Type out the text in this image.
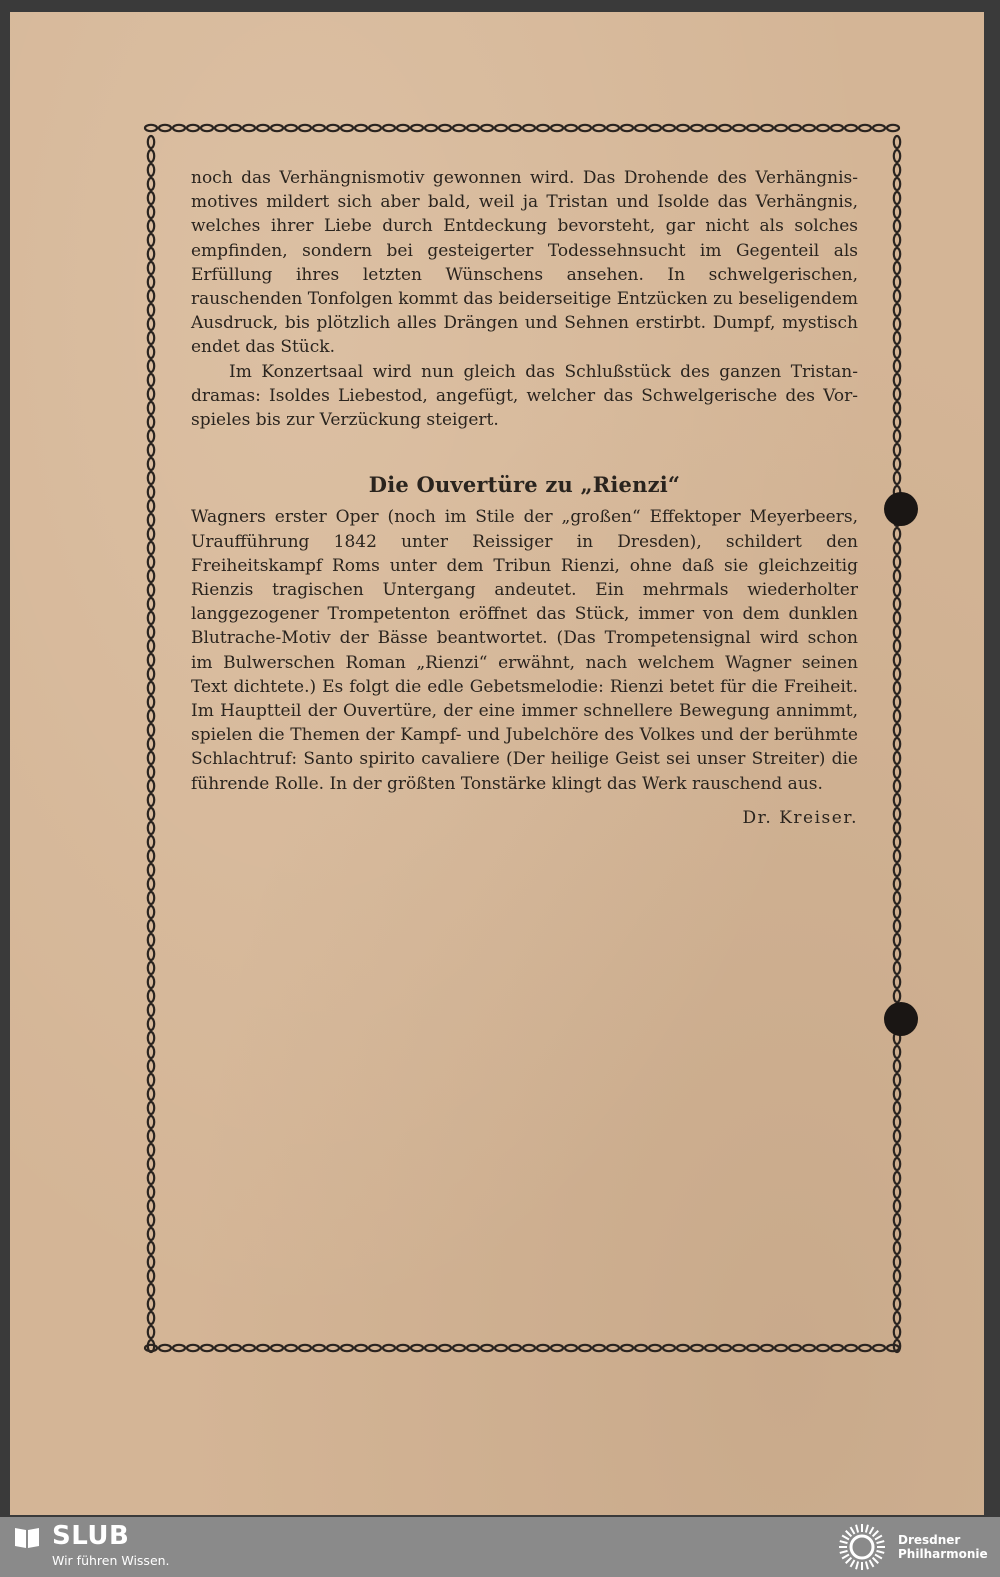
noch das Verhängnismotiv gewonnen wird. Das Drohende des Verhängnismotives mildert sich aber bald, weil ja Tristan und Isolde das Verhängnis, welches ihrer Liebe durch Entdeckung bevorsteht, gar nicht als solches empfinden, sondern bei gesteigerter Todessehnsucht im Gegenteil als Erfüllung ihres letzten Wünschens ansehen. In schwelgerischen, rauschenden Tonfolgen kommt das beiderseitige Entzücken zu beseligendem Ausdruck, bis plötzlich alles Drängen und Sehnen erstirbt. Dumpf, mystisch endet das Stück.

Im Konzertsaal wird nun gleich das Schlußstück des ganzen Tristandramas: Isoldes Liebestod, angefügt, welcher das Schwelgerische des Vorspieles bis zur Verzückung steigert.

Die Ouvertüre zu „Rienzi“

Wagners erster Oper (noch im Stile der „großen“ Effektoper Meyerbeers, Uraufführung 1842 unter Reissiger in Dresden), schildert den Freiheitskampf Roms unter dem Tribun Rienzi, ohne daß sie gleichzeitig Rienzis tragischen Untergang andeutet. Ein mehrmals wiederholter langgezogener Trompetenton eröffnet das Stück, immer von dem dunklen Blutrache-Motiv der Bässe beantwortet. (Das Trompetensignal wird schon im Bulwerschen Roman „Rienzi“ erwähnt, nach welchem Wagner seinen Text dichtete.) Es folgt die edle Gebetsmelodie: Rienzi betet für die Freiheit. Im Hauptteil der Ouvertüre, der eine immer schnellere Bewegung annimmt, spielen die Themen der Kampf- und Jubelchöre des Volkes und der berühmte Schlachtruf: Santo spirito cavaliere (Der heilige Geist sei unser Streiter) die führende Rolle. In der größten Tonstärke klingt das Werk rauschend aus.

Dr. Kreiser.
SLUB
Wir führen Wissen.
Dresdner
Philharmonie
